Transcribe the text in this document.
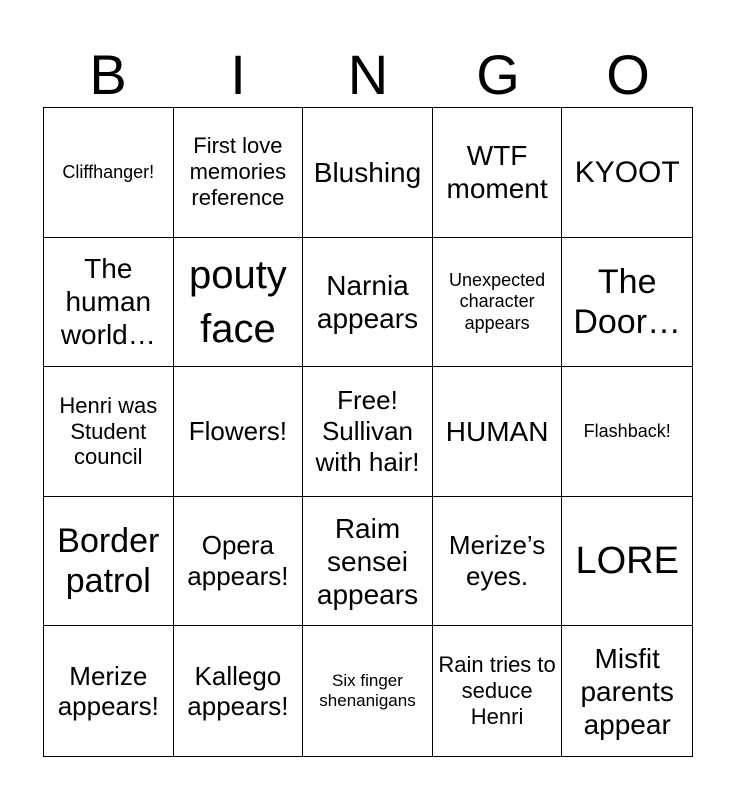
B	I	N	G	O
Cliffhanger!
First love memories reference
Blushing
WTF moment
KYOOT
The human world…
pouty face
Narnia appears
Unexpected character appears
The Door…
Henri was Student council
Flowers!
Free! Sullivan with hair!
HUMAN	Flashback!
Border patrol
Opera appears!
Raim sensei appears
Merize’s eyes.	LORE
Merize appears!
Kallego appears!
Six finger shenanigans
Rain tries to seduce Henri
Misfit parents appear
